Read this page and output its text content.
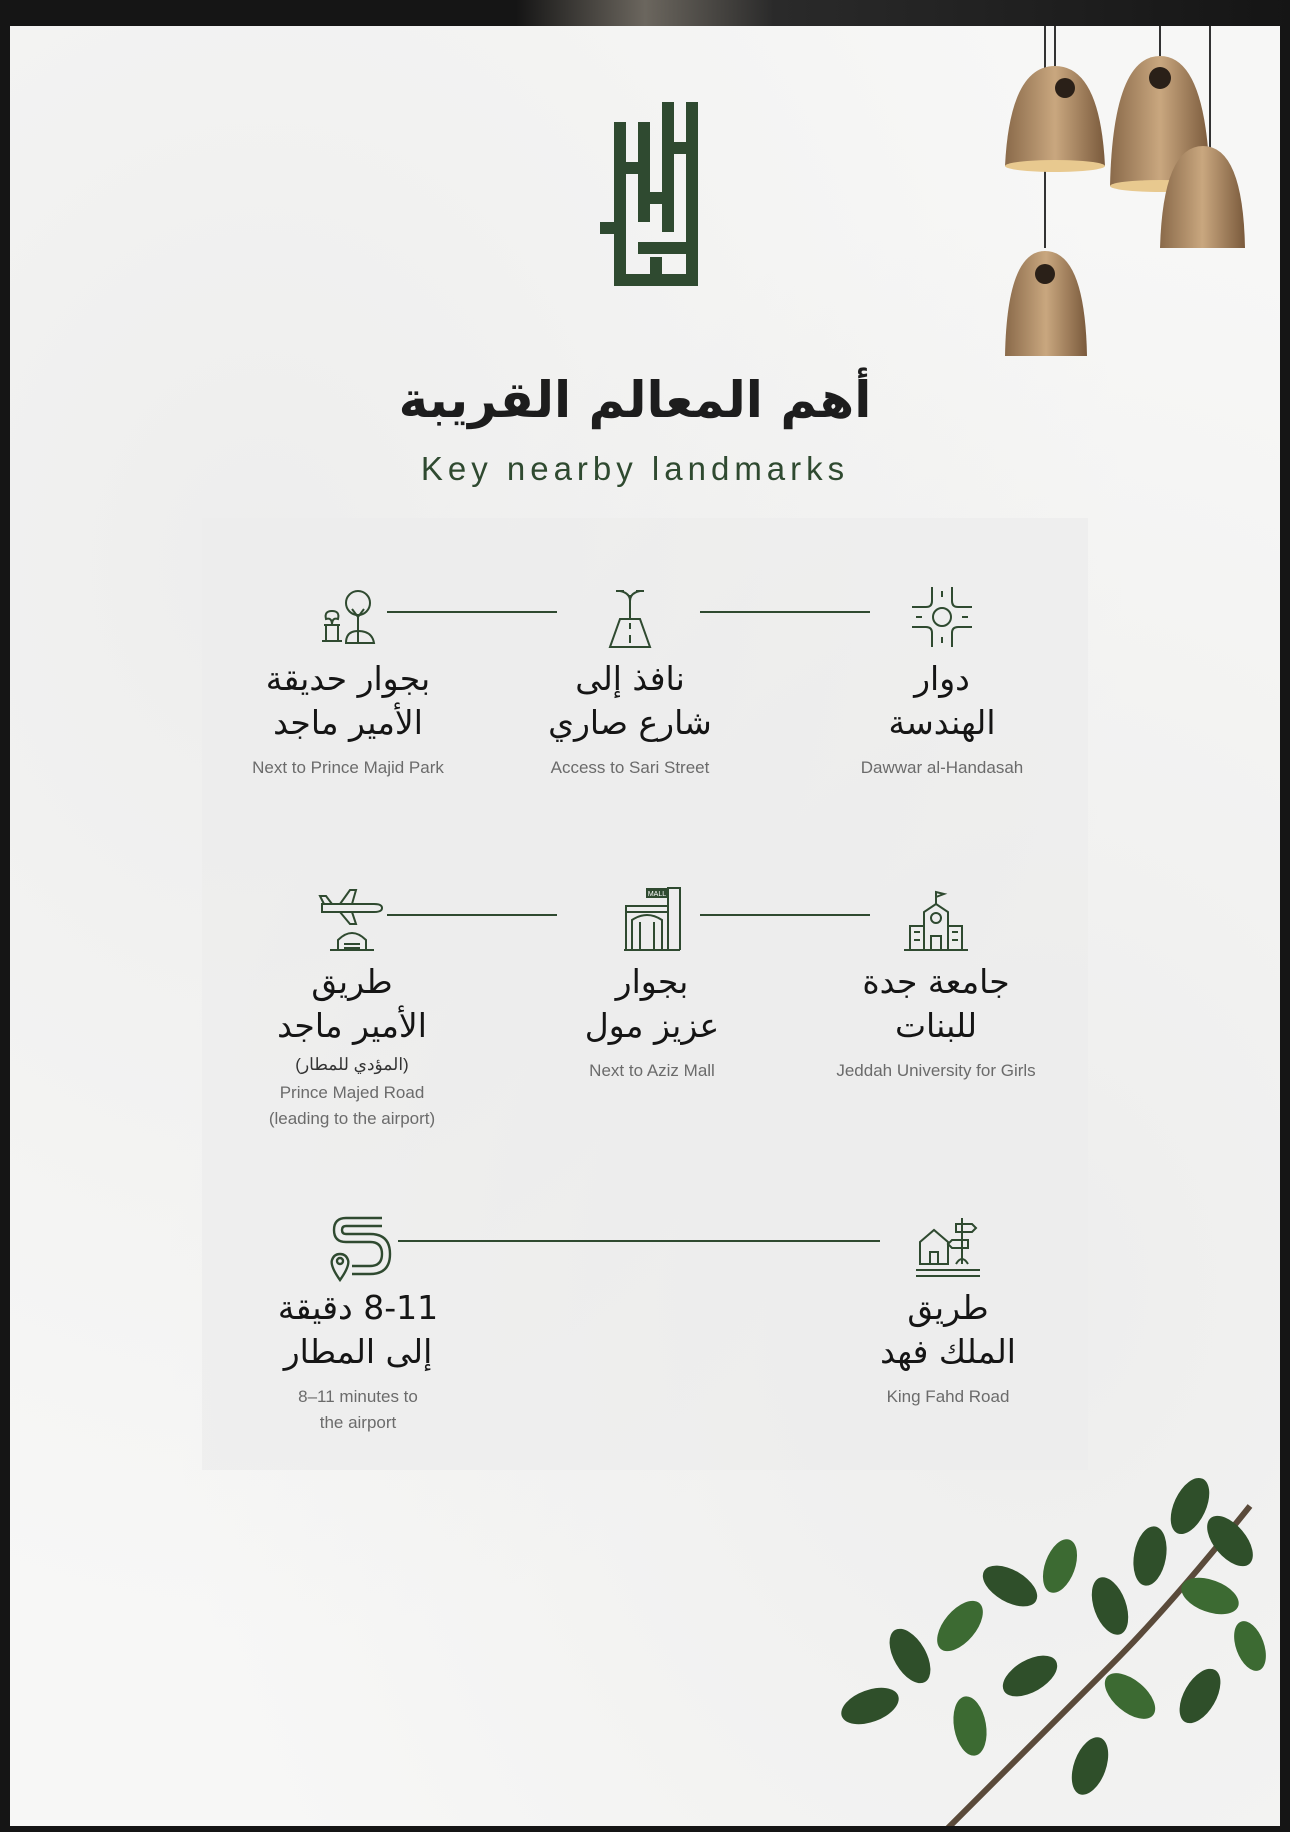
أهم المعالم القريبة
Key nearby landmarks
دوار
الهندسة
Dawwar al-Handasah
نافذ إلى
شارع صاري
Access to Sari Street
بجوار حديقة
الأمير ماجد
Next to Prince Majid Park
جامعة جدة
للبنات
Jeddah University for Girls
MALL
بجوار
عزيز مول
Next to Aziz Mall
طريق
الأمير ماجد
(المؤدي للمطار)
Prince Majed Road
(leading to the airport)
طريق
الملك فهد
King Fahd Road
8-11 دقيقة
إلى المطار
8–11 minutes to
the airport
